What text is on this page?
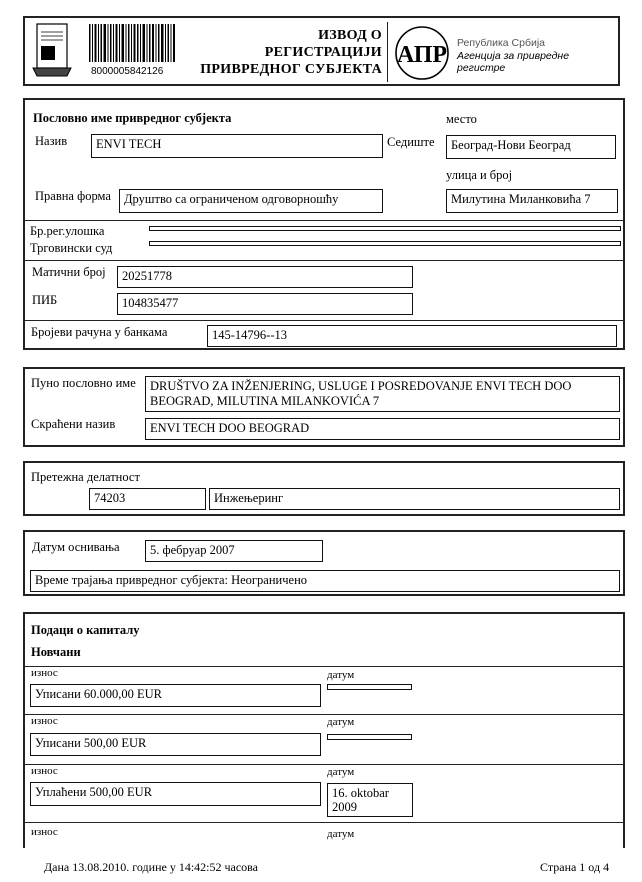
8000005842126
ИЗВОД О
РЕГИСТРАЦИЈИ
ПРИВРЕДНОГ СУБЈЕКТА
АПР Република Србија
Агенција за привредне регистре
Пословно име привредног субјекта
Назив	ENVI TECH	Седиште
место
Београд-Нови Београд
улица и број
Милутина Миланковића 7
Правна форма	Друштво са ограниченом одговорношћу
Бр.рег.улошка
Трговински суд
Матични број	20251778
ПИБ	104835477
Бројеви рачуна у банкама	145-14796--13
Пуно пословно име	DRUŠTVO ZA INŽENJERING, USLUGE I POSREDOVANJE ENVI TECH DOO BEOGRAD, MILUTINA MILANKOVIĆA 7
Скраћени назив	ENVI TECH DOO BEOGRAD
Претежна делатност
74203	Инжењеринг
Датум оснивања	5. фебруар 2007
Време трајања привредног субјекта: Неограничено
Подаци о капиталу
Новчани
износ	датум
Уписани 60.000,00 EUR
износ	датум
Уписани 500,00 EUR
износ	датум
Уплаћени 500,00 EUR	16. oktobar 2009
износ	датум
Дана 13.08.2010. године у 14:42:52 часова	Страна 1 од 4
